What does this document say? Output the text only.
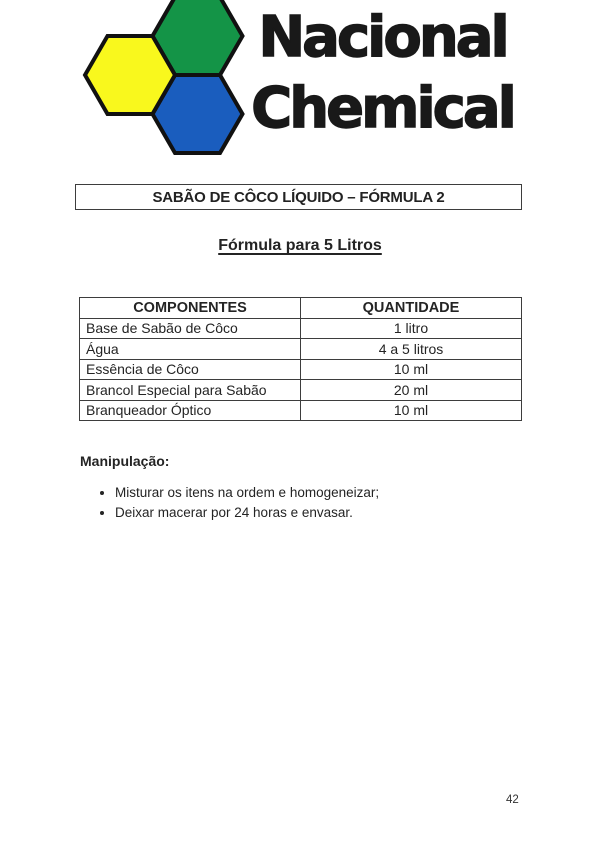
Nacional
Chemical
SABÃO DE CÔCO LÍQUIDO – FÓRMULA 2
Fórmula para 5 Litros
COMPONENTES	QUANTIDADE
Base de Sabão de Côco	1 litro
Água	4 a 5 litros
Essência de Côco	10 ml
Brancol Especial para Sabão	20 ml
Branqueador Óptico	10 ml
Manipulação:
• Misturar os itens na ordem e homogeneizar;
• Deixar macerar por 24 horas e envasar.
42
